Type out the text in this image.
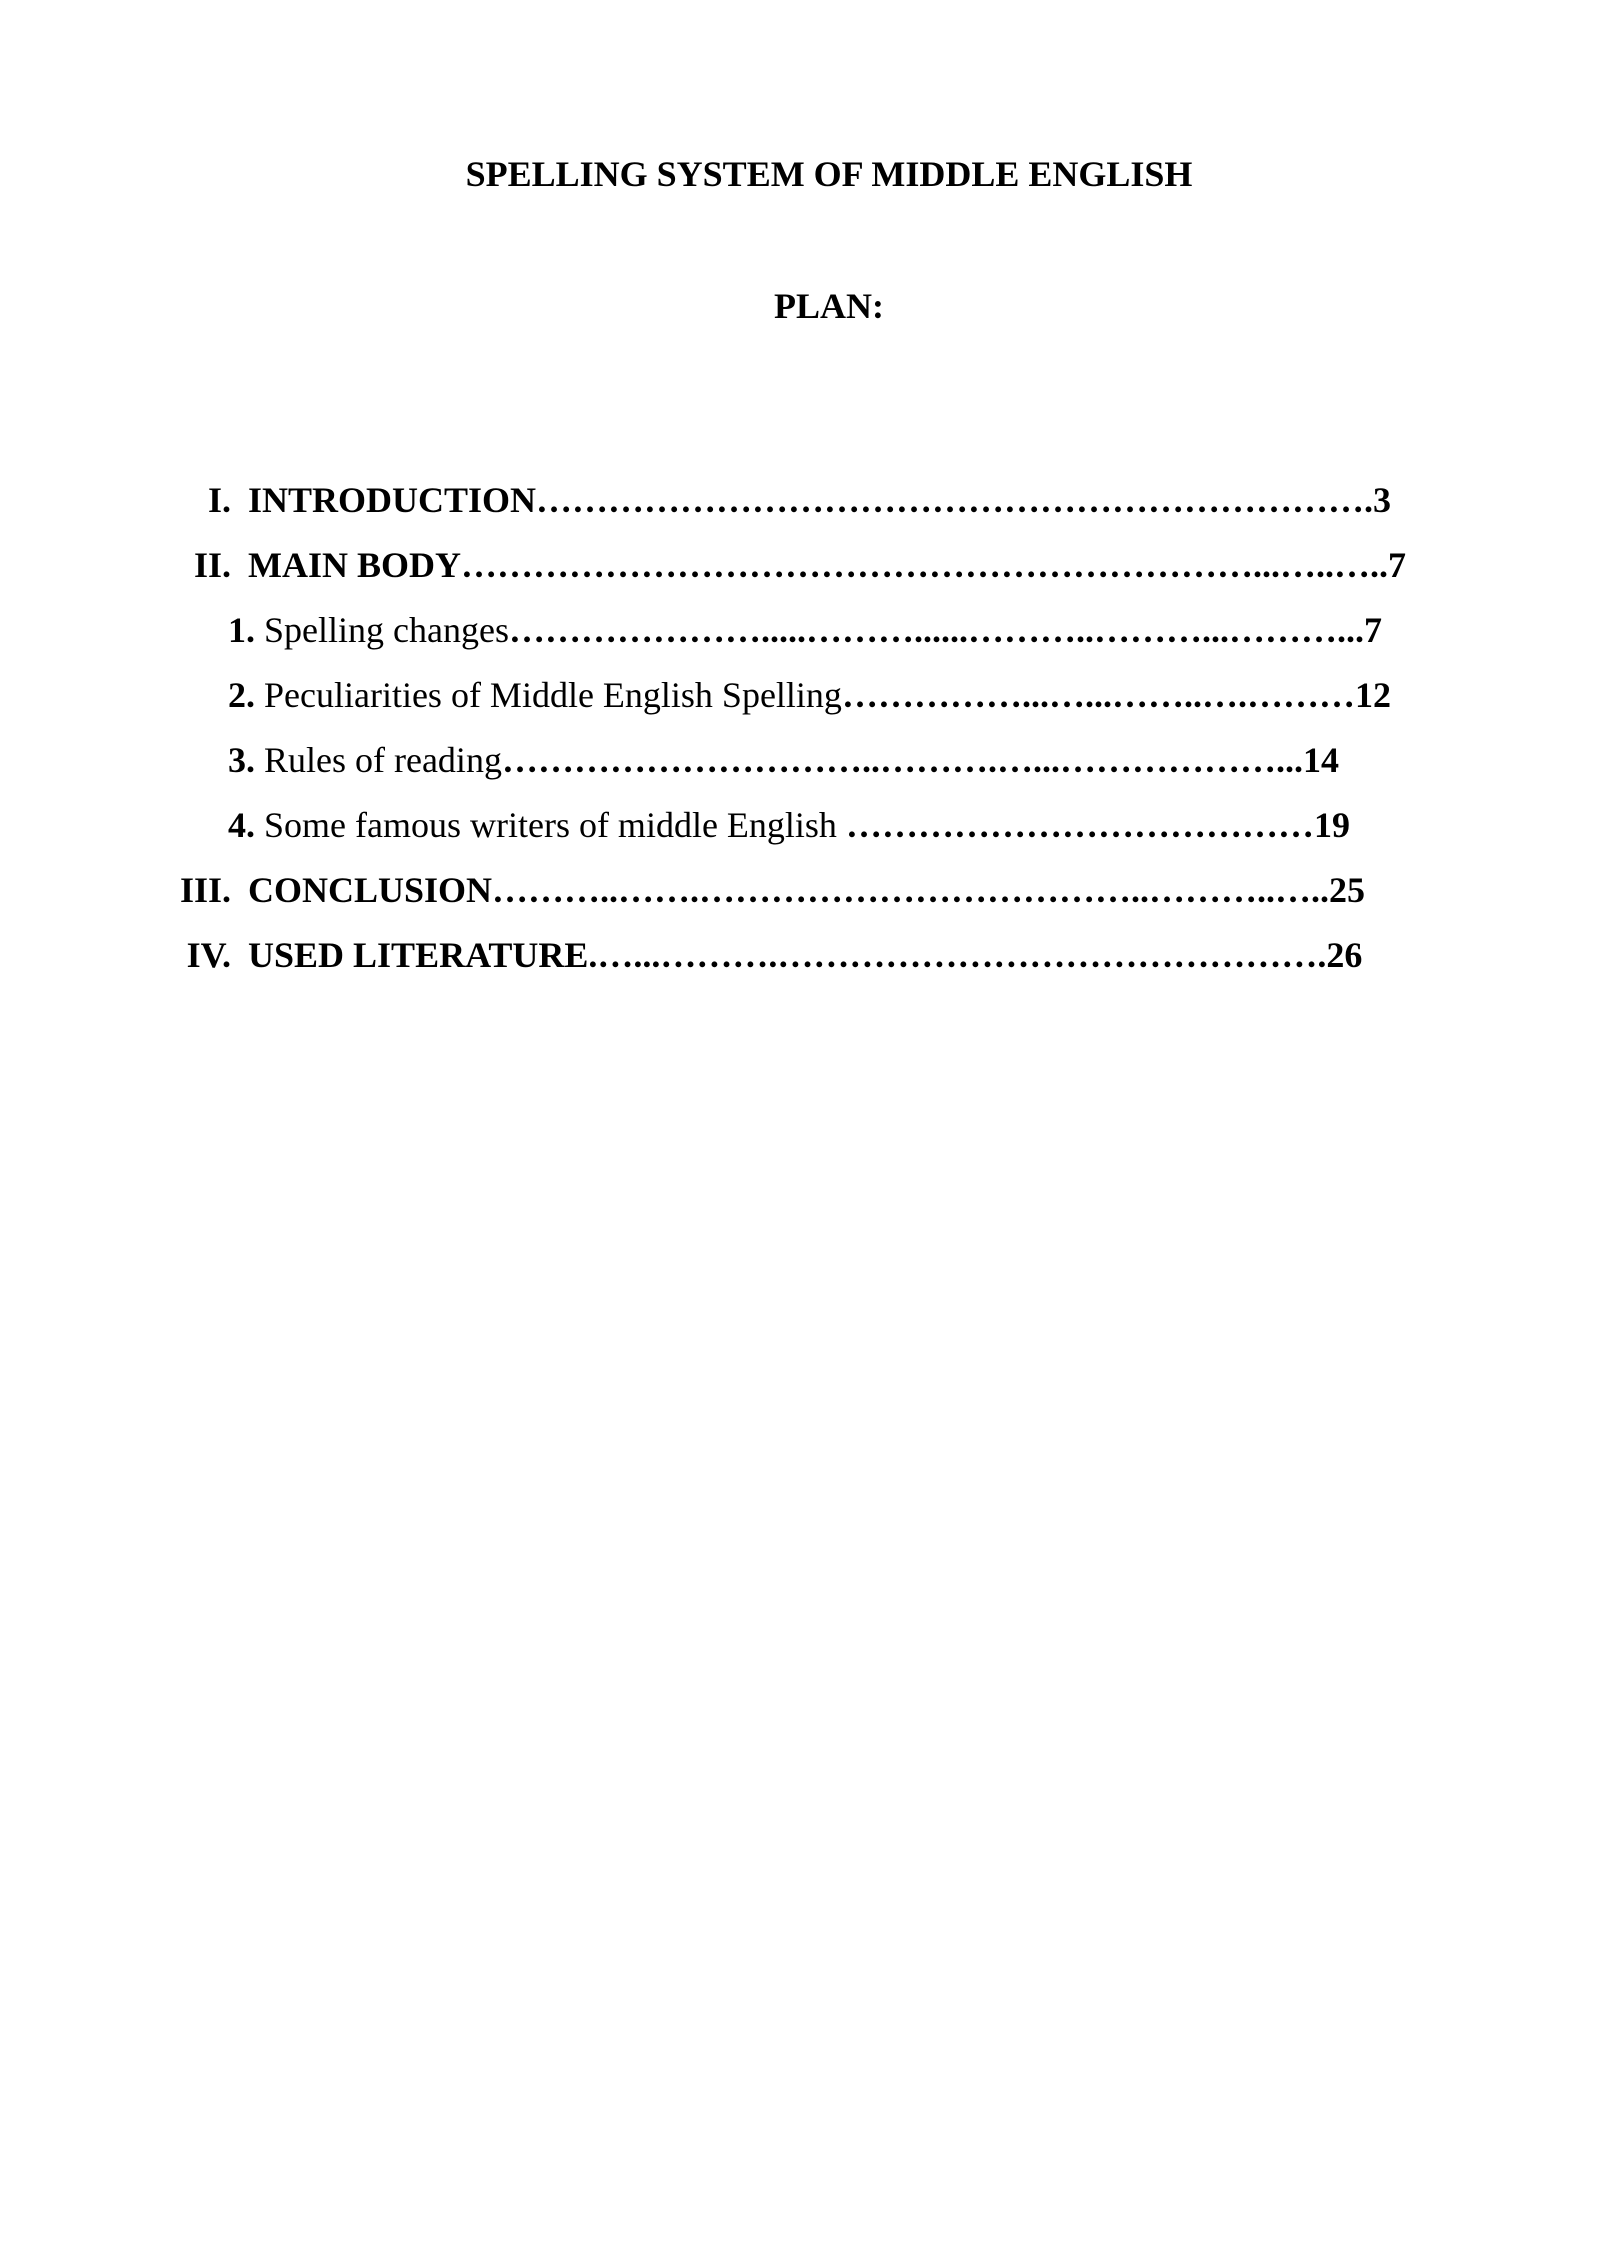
SPELLING SYSTEM OF MIDDLE ENGLISH
PLAN:
I. INTRODUCTION…………………………………………………………….3
II. MAIN BODY…………………………………………………………...…..…..7
1. Spelling changes………………….....………......………..………...………...7
2. Peculiarities of Middle English Spelling……………...…...……..….………12
3. Rules of reading…………………………..……….…...………………...14
4. Some famous writers of middle English …………………………………19
III. CONCLUSION………..…….………………………………..………..…..25
IV. USED LITERATURE.…...……….……………………………………….26
